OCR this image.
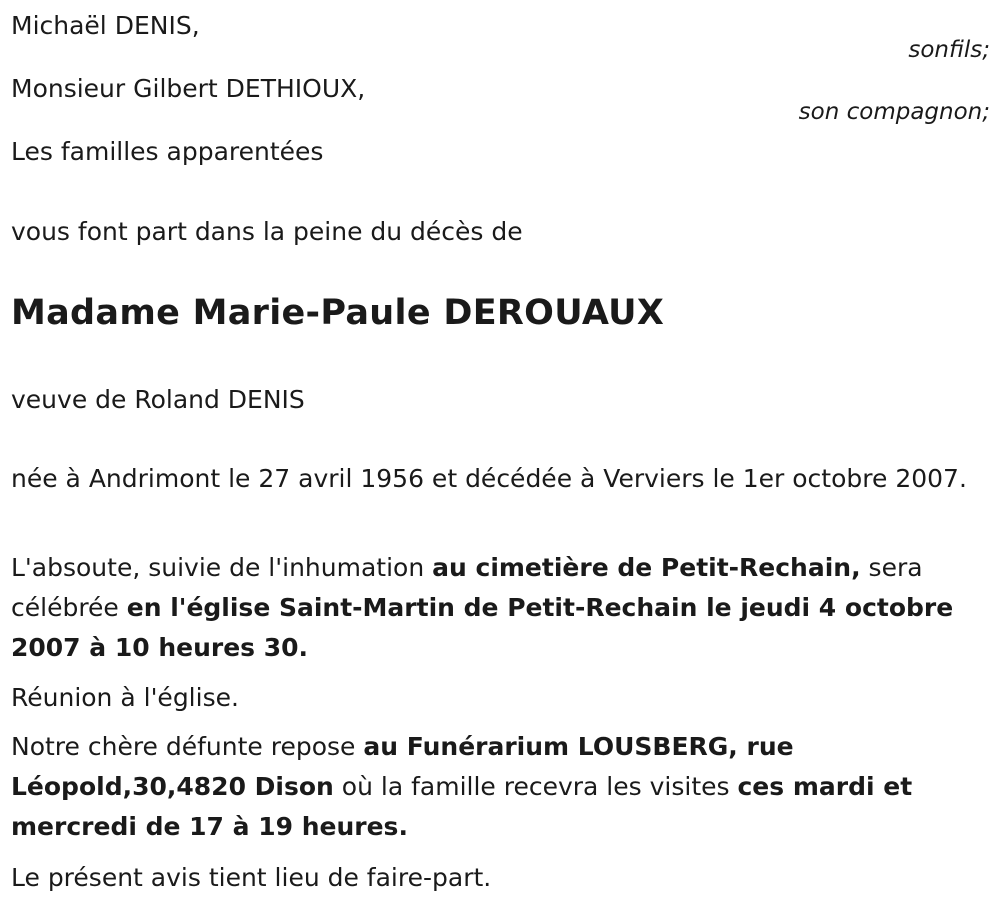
Michaël DENIS,
sonfils;
Monsieur Gilbert DETHIOUX,
son compagnon;
Les familles apparentées
vous font part dans la peine du décès de
Madame Marie-Paule DEROUAUX
veuve de Roland DENIS
née à Andrimont le 27 avril 1956 et décédée à Verviers le 1er octobre 2007.
L'absoute, suivie de l'inhumation au cimetière de Petit-Rechain, sera célébrée en l'église Saint-Martin de Petit-Rechain le jeudi 4 octobre 2007 à 10 heures 30.
Réunion à l'église.
Notre chère défunte repose au Funérarium LOUSBERG, rue Léopold,30,4820 Dison où la famille recevra les visites ces mardi et mercredi de 17 à 19 heures.
Le présent avis tient lieu de faire-part.
